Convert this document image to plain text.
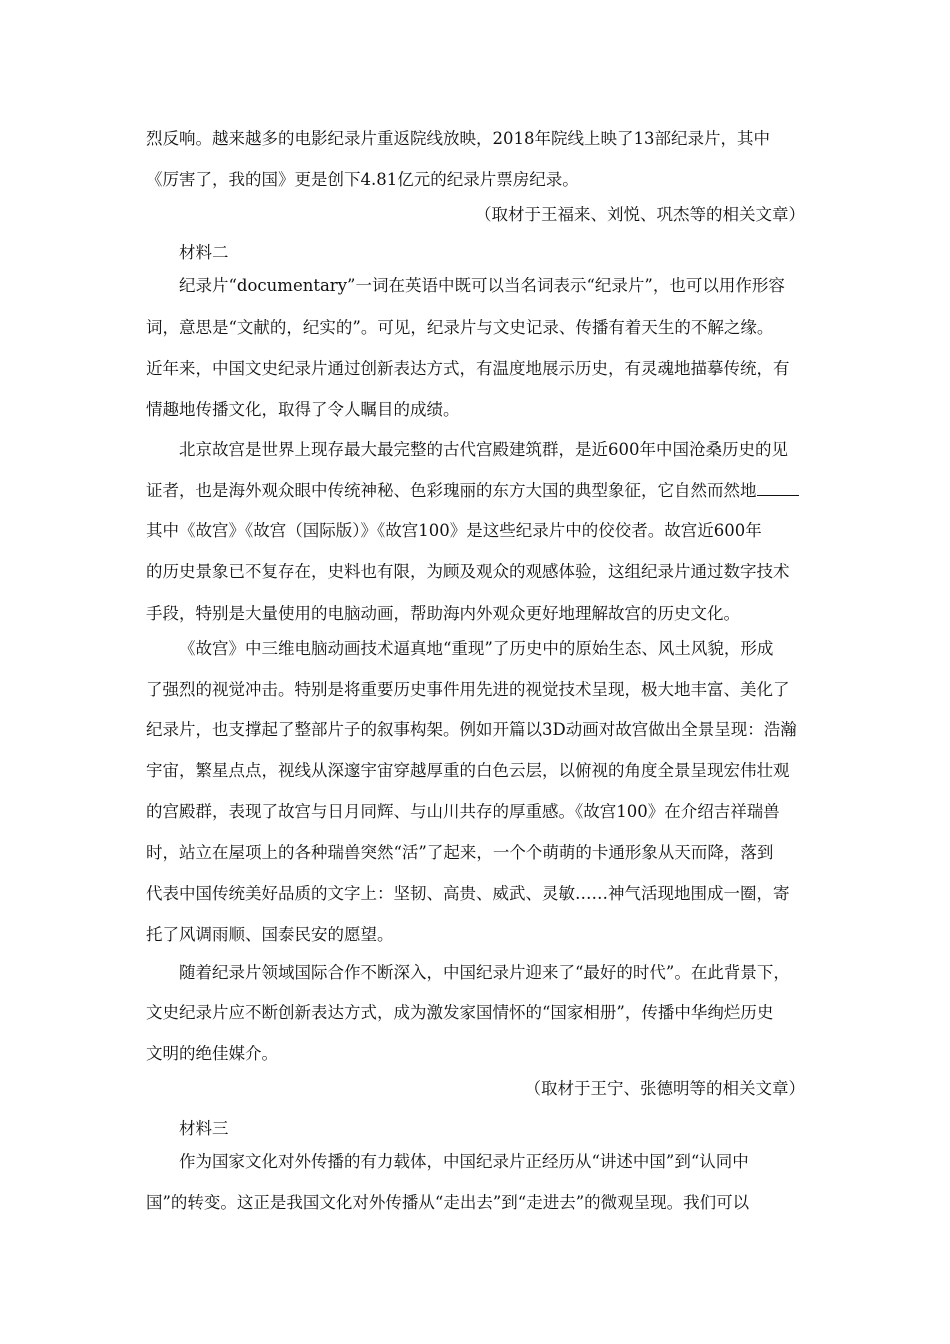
烈反响。越来越多的电影纪录片重返院线放映，2018年院线上映了13部纪录片，其中
《厉害了，我的国》更是创下4.81亿元的纪录片票房纪录。
（取材于王福来、刘悦、巩杰等的相关文章）
材料二
纪录片“documentary”一词在英语中既可以当名词表示“纪录片”，也可以用作形容
词，意思是“文献的，纪实的”。可见，纪录片与文史记录、传播有着天生的不解之缘。
近年来，中国文史纪录片通过创新表达方式，有温度地展示历史，有灵魂地描摹传统，有
情趣地传播文化，取得了令人瞩目的成绩。
北京故宫是世界上现存最大最完整的古代宫殿建筑群，是近600年中国沧桑历史的见
证者，也是海外观众眼中传统神秘、色彩瑰丽的东方大国的典型象征，它自然而然地
其中《故宫》《故宫（国际版）》《故宫100》是这些纪录片中的佼佼者。故宫近600年
的历史景象已不复存在，史料也有限，为顾及观众的观感体验，这组纪录片通过数字技术
手段，特别是大量使用的电脑动画，帮助海内外观众更好地理解故宫的历史文化。
《故宫》中三维电脑动画技术逼真地“重现”了历史中的原始生态、风土风貌，形成
了强烈的视觉冲击。特别是将重要历史事件用先进的视觉技术呈现，极大地丰富、美化了
纪录片，也支撑起了整部片子的叙事构架。例如开篇以3D动画对故宫做出全景呈现：浩瀚
宇宙，繁星点点，视线从深邃宇宙穿越厚重的白色云层，以俯视的角度全景呈现宏伟壮观
的宫殿群，表现了故宫与日月同辉、与山川共存的厚重感。《故宫100》在介绍吉祥瑞兽
时，站立在屋项上的各种瑞兽突然“活”了起来，一个个萌萌的卡通形象从天而降，落到
代表中国传统美好品质的文字上：坚韧、高贵、威武、灵敏……神气活现地围成一圈，寄
托了风调雨顺、国泰民安的愿望。
随着纪录片领域国际合作不断深入，中国纪录片迎来了“最好的时代”。在此背景下，
文史纪录片应不断创新表达方式，成为激发家国情怀的“国家相册”，传播中华绚烂历史
文明的绝佳媒介。
（取材于王宁、张德明等的相关文章）
材料三
作为国家文化对外传播的有力载体，中国纪录片正经历从“讲述中国”到“认同中
国”的转变。这正是我国文化对外传播从“走出去”到“走进去”的微观呈现。我们可以
